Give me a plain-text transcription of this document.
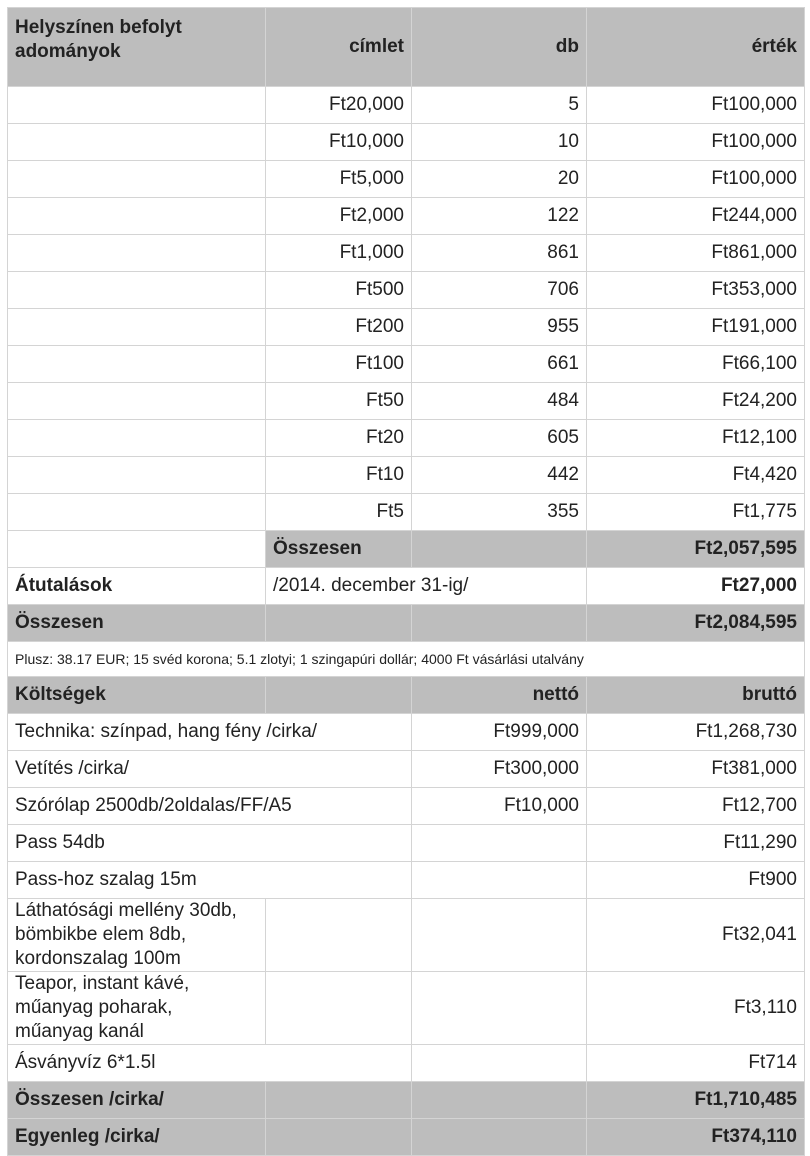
Helyszínen befolyt adományok	címlet	db	érték
	Ft20,000	5	Ft100,000
	Ft10,000	10	Ft100,000
	Ft5,000	20	Ft100,000
	Ft2,000	122	Ft244,000
	Ft1,000	861	Ft861,000
	Ft500	706	Ft353,000
	Ft200	955	Ft191,000
	Ft100	661	Ft66,100
	Ft50	484	Ft24,200
	Ft20	605	Ft12,100
	Ft10	442	Ft4,420
	Ft5	355	Ft1,775
	Összesen		Ft2,057,595
Átutalások	/2014. december 31-ig/		Ft27,000
Összesen			Ft2,084,595
Plusz: 38.17 EUR; 15 svéd korona; 5.1 zlotyi; 1 szingapúri dollár; 4000 Ft vásárlási utalvány			
Költségek		nettó	bruttó
Technika: színpad, hang fény /cirka/		Ft999,000	Ft1,268,730
Vetítés /cirka/		Ft300,000	Ft381,000
Szórólap 2500db/2oldalas/FF/A5		Ft10,000	Ft12,700
Pass 54db			Ft11,290
Pass-hoz szalag 15m			Ft900
Láthatósági mellény 30db, bömbikbe elem 8db, kordonszalag 100m			Ft32,041
Teapor, instant kávé, műanyag poharak, műanyag kanál			Ft3,110
Ásványvíz 6*1.5l			Ft714
Összesen /cirka/			Ft1,710,485
Egyenleg /cirka/			Ft374,110
